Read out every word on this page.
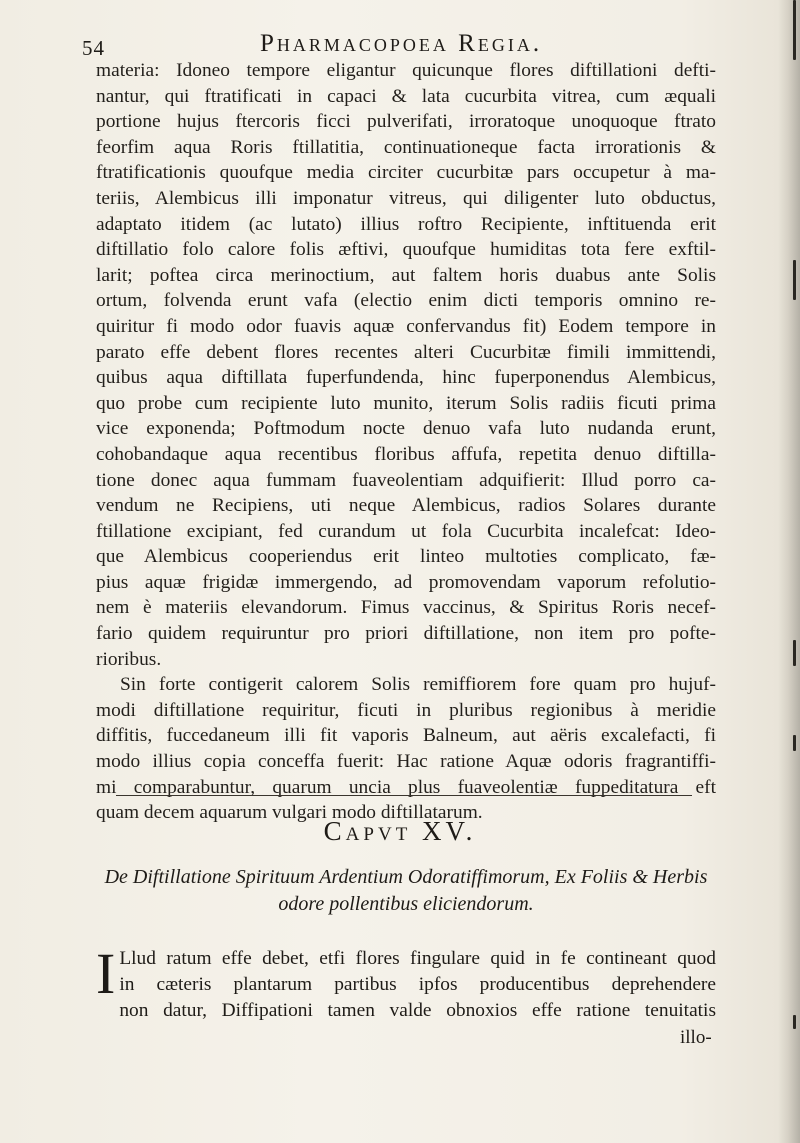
54	Pharmacopoea Regia.
materia: Idoneo tempore eligantur quicunque flores diftillationi defti-
nantur, qui ftratificati in capaci & lata cucurbita vitrea, cum æquali
portione hujus ftercoris ficci pulverifati, irroratoque unoquoque ftrato
feorfim aqua Roris ftillatitia, continuationeque facta irrorationis &
ftratificationis quoufque media circiter cucurbitæ pars occupetur à ma-
teriis, Alembicus illi imponatur vitreus, qui diligenter luto obductus,
adaptato itidem (ac lutato) illius roftro Recipiente, inftituenda erit
diftillatio folo calore folis æftivi, quoufque humiditas tota fere exftil-
larit; poftea circa merinoctium, aut faltem horis duabus ante Solis
ortum, folvenda erunt vafa (electio enim dicti temporis omnino re-
quiritur fi modo odor fuavis aquæ confervandus fit) Eodem tempore in
parato effe debent flores recentes alteri Cucurbitæ fimili immittendi,
quibus aqua diftillata fuperfundenda, hinc fuperponendus Alembicus,
quo probe cum recipiente luto munito, iterum Solis radiis ficuti prima
vice exponenda; Poftmodum nocte denuo vafa luto nudanda erunt,
cohobandaque aqua recentibus floribus affufa, repetita denuo diftilla-
tione donec aqua fummam fuaveolentiam adquifierit: Illud porro ca-
vendum ne Recipiens, uti neque Alembicus, radios Solares durante
ftillatione excipiant, fed curandum ut fola Cucurbita incalefcat: Ideo-
que Alembicus cooperiendus erit linteo multoties complicato, fæ-
pius aquæ frigidæ immergendo, ad promovendam vaporum refolutio-
nem è materiis elevandorum. Fimus vaccinus, & Spiritus Roris necef-
fario quidem requiruntur pro priori diftillatione, non item pro pofte-
rioribus.
Sin forte contigerit calorem Solis remiffiorem fore quam pro hujuf-
modi diftillatione requiritur, ficuti in pluribus regionibus à meridie
diffitis, fuccedaneum illi fit vaporis Balneum, aut aëris excalefacti, fi
modo illius copia conceffa fuerit: Hac ratione Aquæ odoris fragrantiffi-
mi comparabuntur, quarum uncia plus fuaveolentiæ fuppeditatura eft
quam decem aquarum vulgari modo diftillatarum.
Capvt XV.
De Diftillatione Spirituum Ardentium Odoratiffimorum, Ex Foliis & Herbis
odore pollentibus eliciendorum.
I Llud ratum effe debet, etfi flores fingulare quid in fe contineant quod
in cæteris plantarum partibus ipfos producentibus deprehendere
non datur, Diffipationi tamen valde obnoxios effe ratione tenuitatis
illo-
